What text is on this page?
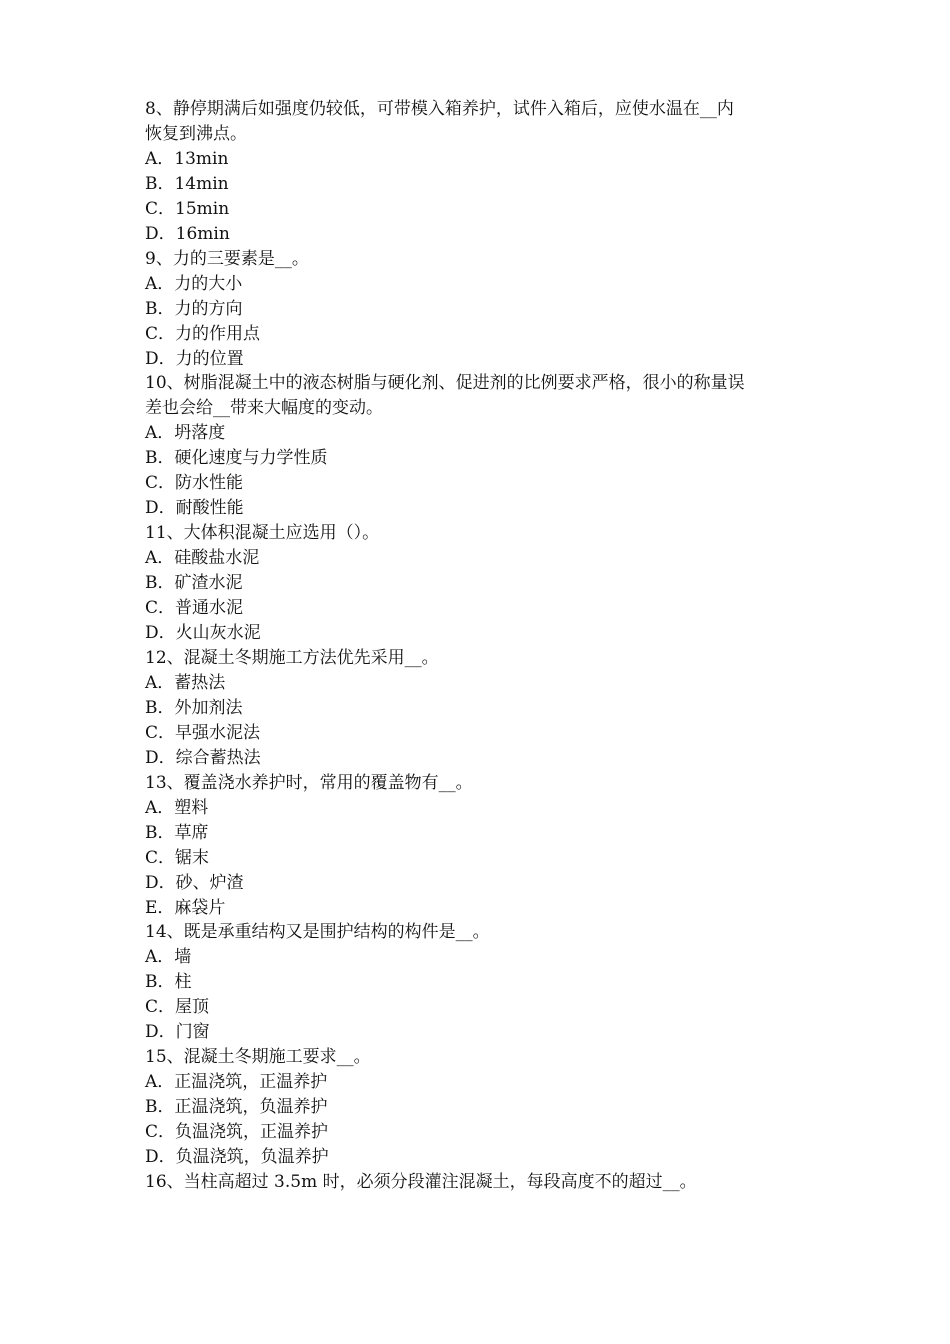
8、静停期满后如强度仍较低，可带模入箱养护，试件入箱后，应使水温在__内

恢复到沸点。

A．13min

B．14min

C．15min

D．16min

9、力的三要素是__。

A．力的大小

B．力的方向

C．力的作用点

D．力的位置

10、树脂混凝土中的液态树脂与硬化剂、促进剂的比例要求严格，很小的称量误

差也会给__带来大幅度的变动。

A．坍落度

B．硬化速度与力学性质

C．防水性能

D．耐酸性能

11、大体积混凝土应选用（）。

A．硅酸盐水泥

B．矿渣水泥

C．普通水泥

D．火山灰水泥

12、混凝土冬期施工方法优先采用__。

A．蓄热法

B．外加剂法

C．早强水泥法

D．综合蓄热法

13、覆盖浇水养护时，常用的覆盖物有__。

A．塑料

B．草席

C．锯末

D．砂、炉渣

E．麻袋片

14、既是承重结构又是围护结构的构件是__。

A．墙

B．柱

C．屋顶

D．门窗

15、混凝土冬期施工要求__。

A．正温浇筑，正温养护

B．正温浇筑，负温养护

C．负温浇筑，正温养护

D．负温浇筑，负温养护

16、当柱高超过 3.5m 时，必须分段灌注混凝土，每段高度不的超过__。
